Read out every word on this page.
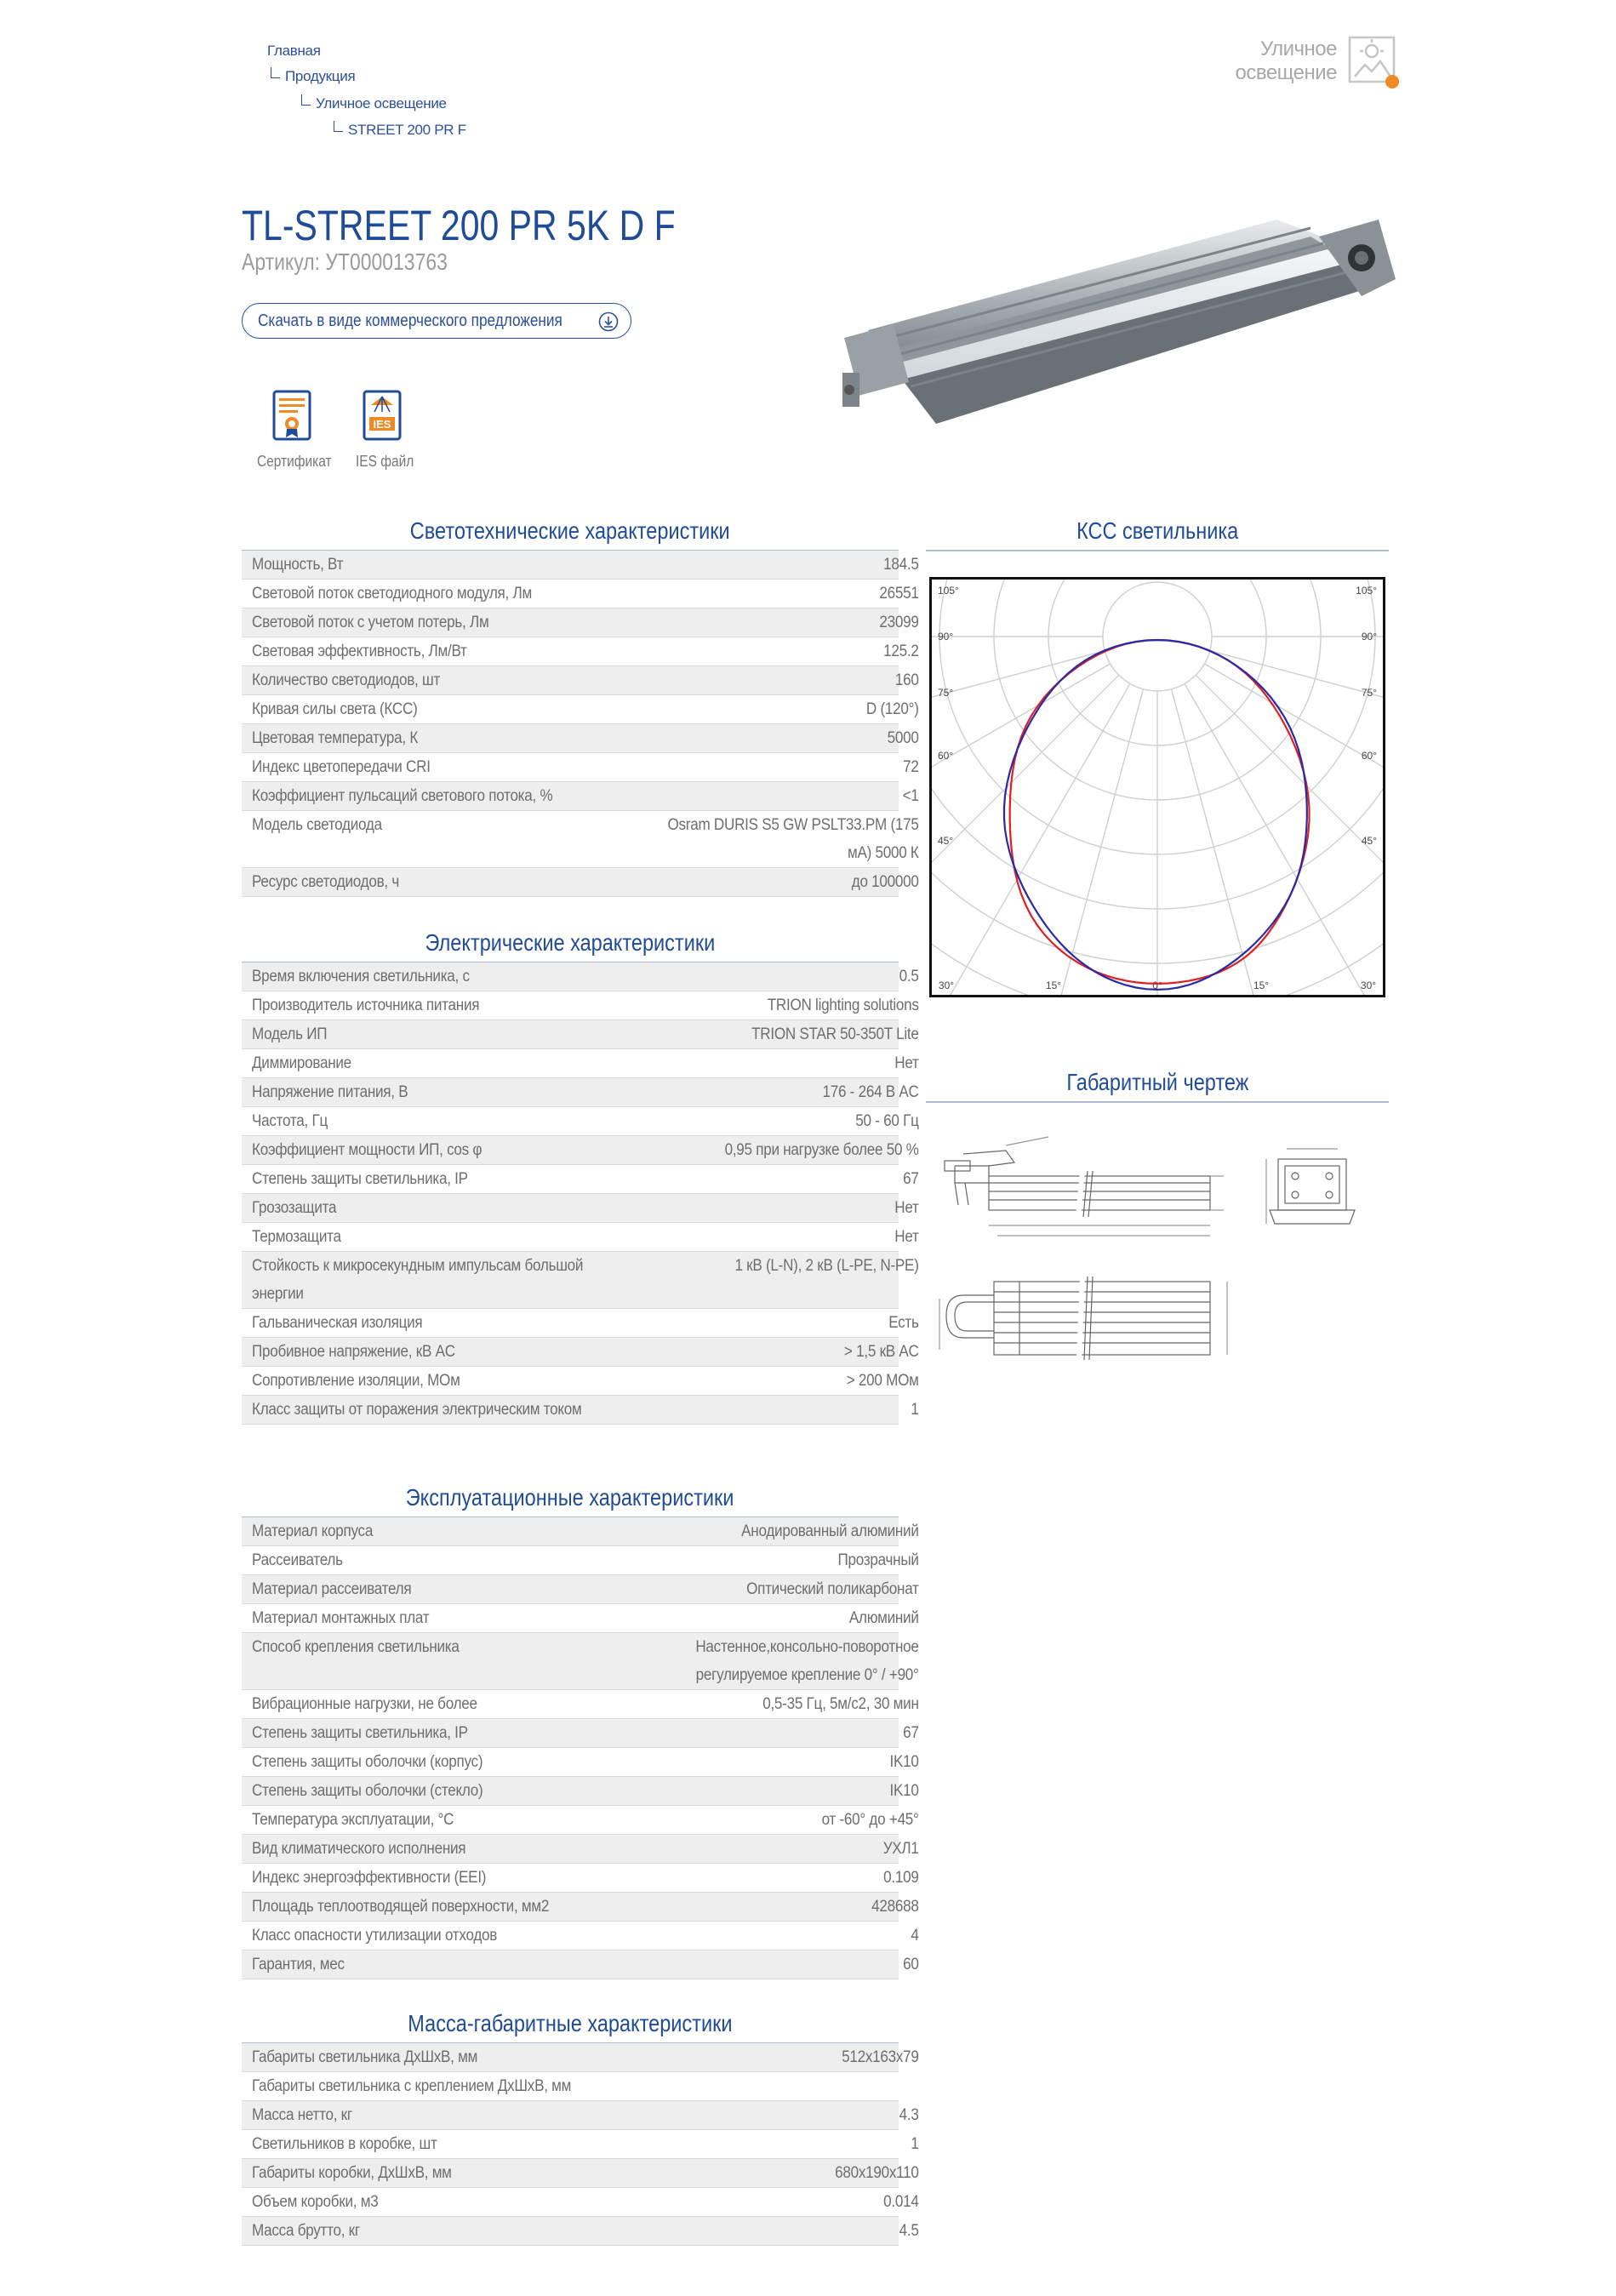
Главная
Продукция
Уличное освещение
STREET 200 PR F
Уличное
освещение
TL-STREET 200 PR 5K D F
Артикул: УТ000013763
Скачать в виде коммерческого предложения
Сертификат
IES
IES файл
Светотехнические характеристики
Мощность, Вт	184.5
Световой поток светодиодного модуля, Лм	26551
Световой поток с учетом потерь, Лм	23099
Световая эффективность, Лм/Вт	125.2
Количество светодиодов, шт	160
Кривая силы света (КСС)	D (120°)
Цветовая температура, К	5000
Индекс цветопередачи CRI	72
Коэффициент пульсаций светового потока, %	<1
Модель светодиода	Osram DURIS S5 GW PSLT33.PM (175 мА) 5000 К
Ресурс светодиодов, ч	до 100000
Электрические характеристики
Время включения светильника, с	0.5
Производитель источника питания	TRION lighting solutions
Модель ИП	TRION STAR 50-350T Lite
Диммирование	Нет
Напряжение питания, В	176 - 264 В AC
Частота, Гц	50 - 60 Гц
Коэффициент мощности ИП, cos φ	0,95 при нагрузке более 50 %
Степень защиты светильника, IP	67
Грозозащита	Нет
Термозащита	Нет
Стойкость к микросекундным импульсам большой энергии	1 кВ (L-N), 2 кВ (L-PE, N-PE)
Гальваническая изоляция	Есть
Пробивное напряжение, кВ AC	> 1,5 кВ AC
Сопротивление изоляции, МОм	> 200 МОм
Класс защиты от поражения электрическим током	1
Эксплуатационные характеристики
Материал корпуса	Анодированный алюминий
Рассеиватель	Прозрачный
Материал рассеивателя	Оптический поликарбонат
Материал монтажных плат	Алюминий
Способ крепления светильника	Настенное,консольно-поворотное регулируемое крепление 0° / +90°
Вибрационные нагрузки, не более	0,5-35 Гц, 5м/с2, 30 мин
Степень защиты светильника, IP	67
Степень защиты оболочки (корпус)	IK10
Степень защиты оболочки (стекло)	IK10
Температура эксплуатации, °С	от -60° до +45°
Вид климатического исполнения	УХЛ1
Индекс энергоэффективности (EEI)	0.109
Площадь теплоотводящей поверхности, мм2	428688
Класс опасности утилизации отходов	4
Гарантия, мес	60
Масса-габаритные характеристики
Габариты светильника ДхШхВ, мм	512x163x79
Габариты светильника с креплением ДхШхВ, мм	
Масса нетто, кг	4.3
Светильников в коробке, шт	1
Габариты коробки, ДхШхВ, мм	680x190x110
Объем коробки, м3	0.014
Масса брутто, кг	4.5
КСС светильника
105°
90°
75°
60°
45°
105°
90°
75°
60°
45°
30°	15°	0°	15°	30°
Габаритный чертеж
